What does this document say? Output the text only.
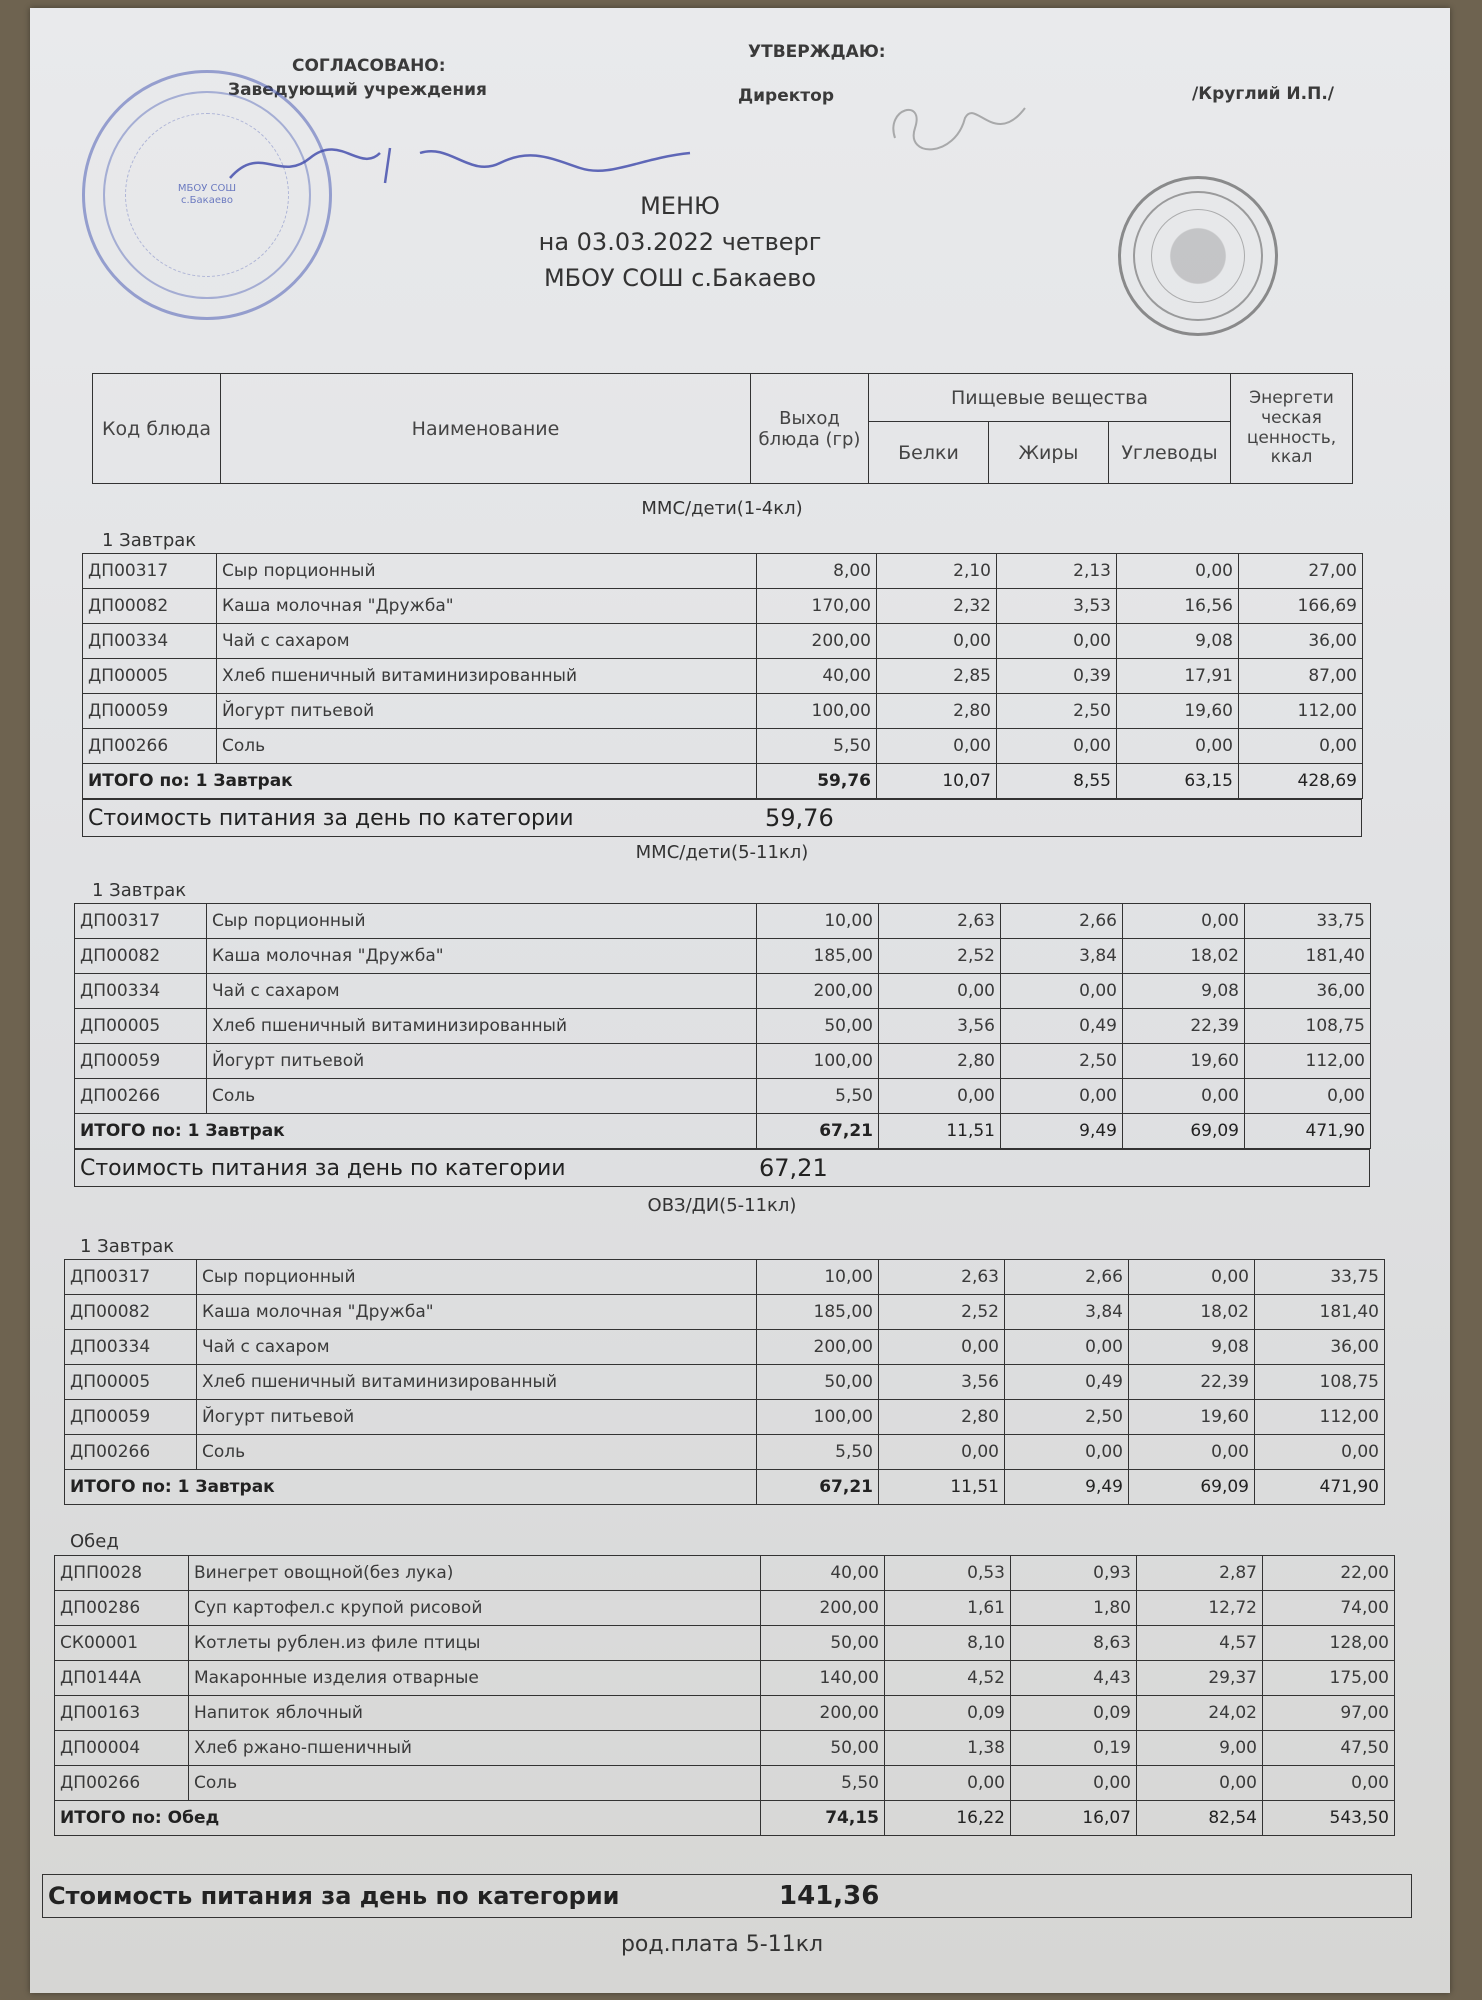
СОГЛАСОВАНО:
Заведующий учреждения
УТВЕРЖДАЮ:
Директор	/Круглий И.П./
МБОУ СОШ с.Бакаево	МЕНЮ
на 03.03.2022 четверг
МБОУ СОШ с.Бакаево
Код блюда	Наименование	Выход блюда (гр)	Пищевые вещества			Энергети ческая ценность, ккал
			Белки	Жиры	Углеводы	
ММС/дети(1-4кл)
1 Завтрак
ДП00317	Сыр порционный	8,00	2,10	2,13	0,00	27,00
ДП00082	Каша молочная "Дружба"	170,00	2,32	3,53	16,56	166,69
ДП00334	Чай с сахаром	200,00	0,00	0,00	9,08	36,00
ДП00005	Хлеб пшеничный витаминизированный	40,00	2,85	0,39	17,91	87,00
ДП00059	Йогурт питьевой	100,00	2,80	2,50	19,60	112,00
ДП00266	Соль	5,50	0,00	0,00	0,00	0,00
ИТОГО по: 1 Завтрак		59,76	10,07	8,55	63,15	428,69
Стоимость питания за день по категории	59,76
ММС/дети(5-11кл)
1 Завтрак
ДП00317	Сыр порционный	10,00	2,63	2,66	0,00	33,75
ДП00082	Каша молочная "Дружба"	185,00	2,52	3,84	18,02	181,40
ДП00334	Чай с сахаром	200,00	0,00	0,00	9,08	36,00
ДП00005	Хлеб пшеничный витаминизированный	50,00	3,56	0,49	22,39	108,75
ДП00059	Йогурт питьевой	100,00	2,80	2,50	19,60	112,00
ДП00266	Соль	5,50	0,00	0,00	0,00	0,00
ИТОГО по: 1 Завтрак		67,21	11,51	9,49	69,09	471,90
Стоимость питания за день по категории	67,21
ОВЗ/ДИ(5-11кл)
1 Завтрак
ДП00317	Сыр порционный	10,00	2,63	2,66	0,00	33,75
ДП00082	Каша молочная "Дружба"	185,00	2,52	3,84	18,02	181,40
ДП00334	Чай с сахаром	200,00	0,00	0,00	9,08	36,00
ДП00005	Хлеб пшеничный витаминизированный	50,00	3,56	0,49	22,39	108,75
ДП00059	Йогурт питьевой	100,00	2,80	2,50	19,60	112,00
ДП00266	Соль	5,50	0,00	0,00	0,00	0,00
ИТОГО по: 1 Завтрак		67,21	11,51	9,49	69,09	471,90
Обед
ДПП0028	Винегрет овощной(без лука)	40,00	0,53	0,93	2,87	22,00
ДП00286	Суп картофел.с крупой рисовой	200,00	1,61	1,80	12,72	74,00
СК00001	Котлеты рублен.из филе птицы	50,00	8,10	8,63	4,57	128,00
ДП0144А	Макаронные изделия отварные	140,00	4,52	4,43	29,37	175,00
ДП00163	Напиток яблочный	200,00	0,09	0,09	24,02	97,00
ДП00004	Хлеб ржано-пшеничный	50,00	1,38	0,19	9,00	47,50
ДП00266	Соль	5,50	0,00	0,00	0,00	0,00
ИТОГО по: Обед		74,15	16,22	16,07	82,54	543,50
Стоимость питания за день по категории	141,36
род.плата 5-11кл
